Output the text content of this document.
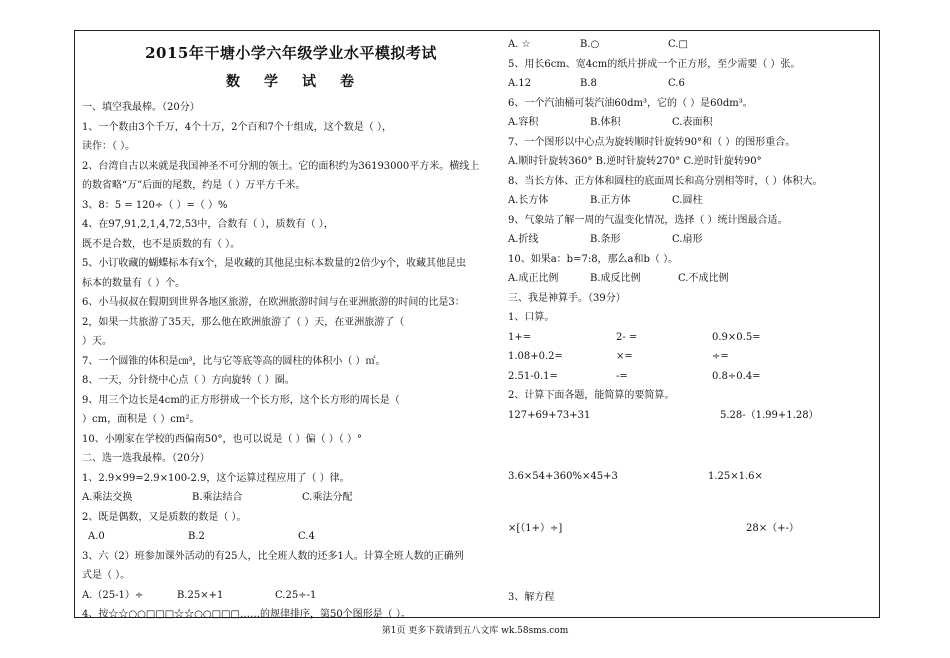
2015年干塘小学六年级学业水平模拟考试
数学试卷
一、填空我最棒。（20分）
1、一个数由3个千万，4个十万，2个百和7个十组成，这个数是（ ），
读作：（ ）。
2、台湾自古以来就是我国神圣不可分割的领土。它的面积约为36193000平方米。横线上
的数省略“万”后面的尾数，约是（ ）万平方千米。
3、8：5 = 120÷（ ）=（ ）%
4、在97,91,2,1,4,72,53中，合数有（ ），质数有（ ），
既不是合数，也不是质数的有（ ）。
5、小订收藏的蝴蝶标本有x个，是收藏的其他昆虫标本数量的2倍少y个，收藏其他昆虫
标本的数量有（ ）个。
6、小马叔叔在假期到世界各地区旅游，在欧洲旅游时间与在亚洲旅游的时间的比是3：
2，如果一共旅游了35天，那么他在欧洲旅游了（ ）天，在亚洲旅游了（
）天。
7、一个圆锥的体积是㎝³，比与它等底等高的圆柱的体积小（ ）㎡。
8、一天，分针绕中心点（ ）方向旋转（ ）圈。
9、用三个边长是4cm的正方形拼成一个长方形，这个长方形的周长是（
）cm，面积是（ ）cm²。
10、小刚家在学校的西偏南50°，也可以说是（ ）偏（ ）（ ）°
二、选一选我最棒。（20分）
1、2.9×99=2.9×100-2.9，这个运算过程应用了（ ）律。
A.乘法交换	B.乘法结合	C.乘法分配
2、既是偶数，又是质数的数是（ ）。
A.0	B.2	C.4
3、六（2）班参加课外活动的有25人，比全班人数的还多1人。计算全班人数的正确列
式是（ ）。
A.（25-1）÷	B.25×+1	C.25÷-1
4、按☆☆○○□□□☆☆○○□□□……的规律排序，第50个图形是（ ）。
A. ☆	B.○	C.□
5、用长6cm、宽4cm的纸片拼成一个正方形，至少需要（ ）张。
A.12	B.8	C.6
6、一个汽油桶可装汽油60dm³，它的（ ）是60dm³。
A.容积	B.体积	C.表面积
7、一个图形以中心点为旋转顺时针旋转90°和（ ）的图形重合。
A.顺时针旋转360° B.逆时针旋转270° C.逆时针旋转90°
8、当长方体、正方体和圆柱的底面周长和高分别相等时，（ ）体积大。
A.长方体	B.正方体	C.圆柱
9、气象站了解一周的气温变化情况，选择（ ）统计图最合适。
A.折线	B.条形	C.扇形
10、如果a：b=7:8，那么a和b（ ）。
A.成正比例	B.成反比例	C.不成比例
三、我是神算手。（39分）
1、口算。
1+=	2- =	0.9×0.5=
1.08+0.2=	×=	÷=
2.51-0.1=	-=	0.8÷0.4=
2、计算下面各题，能简算的要简算。
127+69+73+31	5.28-（1.99+1.28）
3.6×54+360%×45+3	1.25×1.6×
×[（1+）÷]	28×（+-）
3、解方程
第1页 更多下载请到五八文库 wk.58sms.com
